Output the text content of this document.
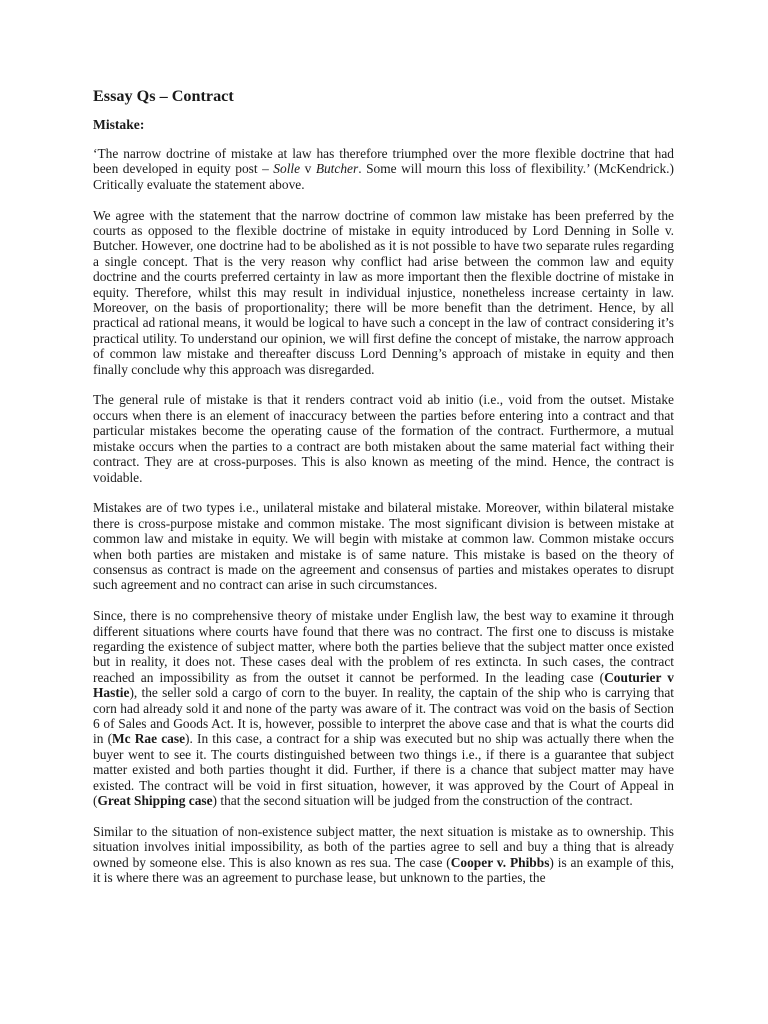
Essay Qs – Contract
Mistake:

‘The narrow doctrine of mistake at law has therefore triumphed over the more flexible doctrine that had been developed in equity post – Solle v Butcher. Some will mourn this loss of flexibility.’ (McKendrick.) Critically evaluate the statement above.

We agree with the statement that the narrow doctrine of common law mistake has been preferred by the courts as opposed to the flexible doctrine of mistake in equity introduced by Lord Denning in Solle v. Butcher. However, one doctrine had to be abolished as it is not possible to have two separate rules regarding a single concept. That is the very reason why conflict had arise between the common law and equity doctrine and the courts preferred certainty in law as more important then the flexible doctrine of mistake in equity. Therefore, whilst this may result in individual injustice, nonetheless increase certainty in law. Moreover, on the basis of proportionality; there will be more benefit than the detriment. Hence, by all practical ad rational means, it would be logical to have such a concept in the law of contract considering it’s practical utility. To understand our opinion, we will first define the concept of mistake, the narrow approach of common law mistake and thereafter discuss Lord Denning’s approach of mistake in equity and then finally conclude why this approach was disregarded.

The general rule of mistake is that it renders contract void ab initio (i.e., void from the outset. Mistake occurs when there is an element of inaccuracy between the parties before entering into a contract and that particular mistakes become the operating cause of the formation of the contract. Furthermore, a mutual mistake occurs when the parties to a contract are both mistaken about the same material fact withing their contract. They are at cross-purposes. This is also known as meeting of the mind. Hence, the contract is voidable.

Mistakes are of two types i.e., unilateral mistake and bilateral mistake. Moreover, within bilateral mistake there is cross-purpose mistake and common mistake. The most significant division is between mistake at common law and mistake in equity. We will begin with mistake at common law. Common mistake occurs when both parties are mistaken and mistake is of same nature. This mistake is based on the theory of consensus as contract is made on the agreement and consensus of parties and mistakes operates to disrupt such agreement and no contract can arise in such circumstances.

Since, there is no comprehensive theory of mistake under English law, the best way to examine it through different situations where courts have found that there was no contract. The first one to discuss is mistake regarding the existence of subject matter, where both the parties believe that the subject matter once existed but in reality, it does not. These cases deal with the problem of res extincta. In such cases, the contract reached an impossibility as from the outset it cannot be performed. In the leading case (Couturier v Hastie), the seller sold a cargo of corn to the buyer. In reality, the captain of the ship who is carrying that corn had already sold it and none of the party was aware of it. The contract was void on the basis of Section 6 of Sales and Goods Act. It is, however, possible to interpret the above case and that is what the courts did in (Mc Rae case). In this case, a contract for a ship was executed but no ship was actually there when the buyer went to see it. The courts distinguished between two things i.e., if there is a guarantee that subject matter existed and both parties thought it did. Further, if there is a chance that subject matter may have existed. The contract will be void in first situation, however, it was approved by the Court of Appeal in (Great Shipping case) that the second situation will be judged from the construction of the contract.

Similar to the situation of non-existence subject matter, the next situation is mistake as to ownership. This situation involves initial impossibility, as both of the parties agree to sell and buy a thing that is already owned by someone else. This is also known as res sua. The case (Cooper v. Phibbs) is an example of this, it is where there was an agreement to purchase lease, but unknown to the parties, the
